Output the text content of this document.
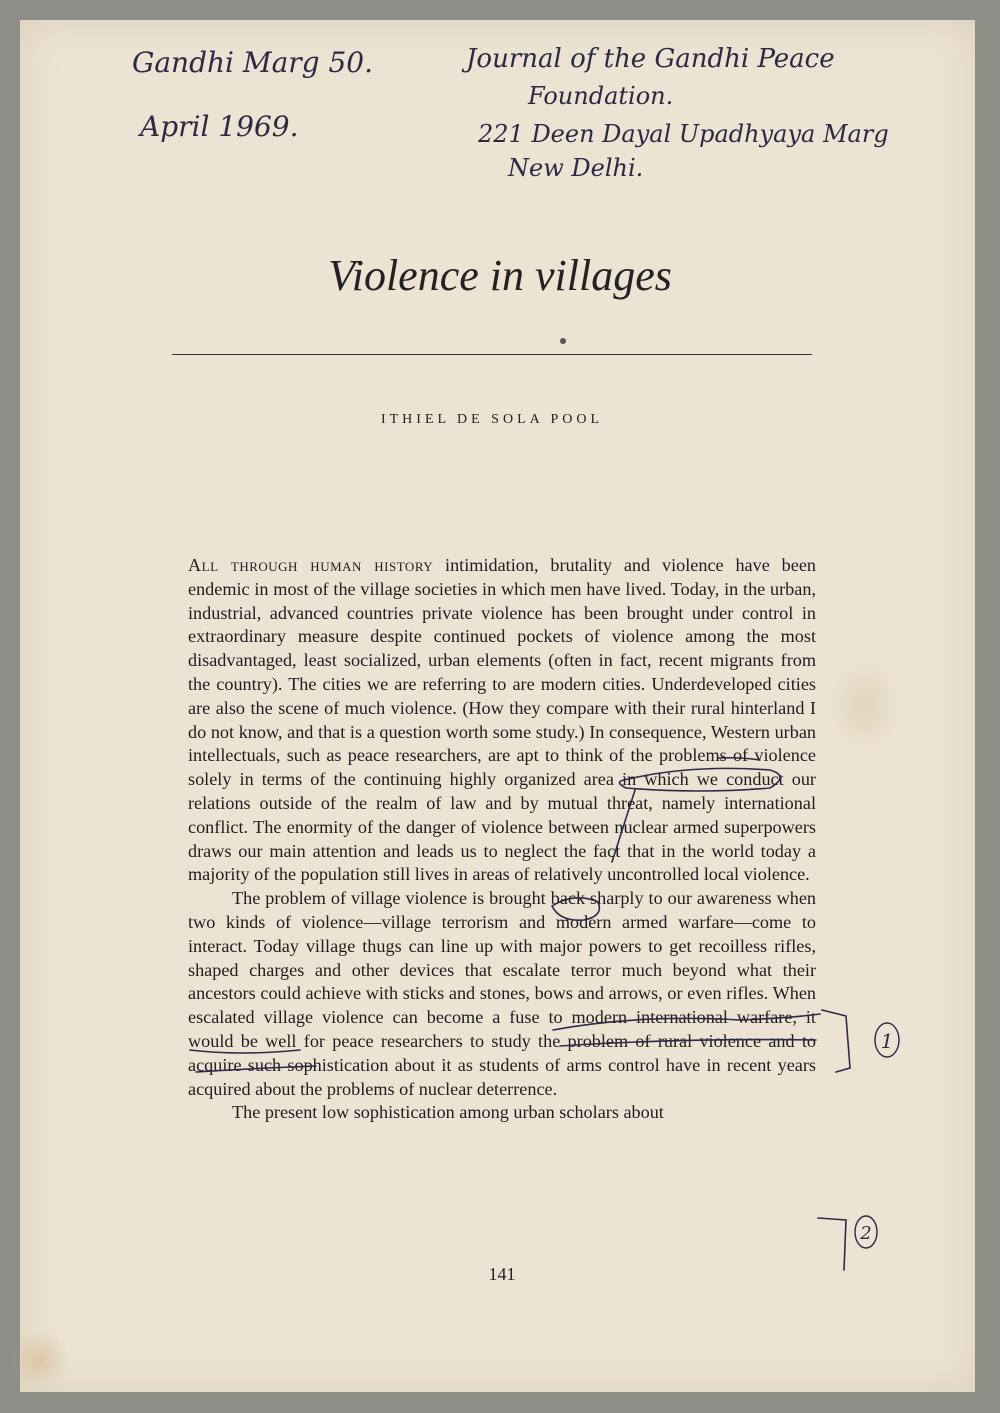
Gandhi Marg 50.	Journal of the Gandhi Peace
Foundation.
April 1969.	221 Deen Dayal Upadhyaya Marg
New Delhi.
Violence in villages
ITHIEL DE SOLA POOL

All through human history intimidation, brutality and violence have been endemic in most of the village societies in which men have lived. Today, in the urban, industrial, advanced countries private violence has been brought under control in extraordinary measure despite continued pockets of violence among the most disadvantaged, least socialized, urban elements (often in fact, recent migrants from the country). The cities we are referring to are modern cities. Underdeveloped cities are also the scene of much violence. (How they compare with their rural hinterland I do not know, and that is a question worth some study.) In consequence, Western urban intellectuals, such as peace researchers, are apt to think of the problems of violence solely in terms of the continuing highly organized area in which we conduct our relations outside of the realm of law and by mutual threat, namely international conflict. The enormity of the danger of violence between nuclear armed superpowers draws our main attention and leads us to neglect the fact that in the world today a majority of the population still lives in areas of relatively uncontrolled local violence.

The problem of village violence is brought back sharply to our awareness when two kinds of violence—village terrorism and modern armed warfare—come to interact. Today village thugs can line up with major powers to get recoilless rifles, shaped charges and other devices that escalate terror much beyond what their ancestors could achieve with sticks and stones, bows and arrows, or even rifles. When escalated village violence can become a fuse to modern international warfare, it would be well for peace researchers to study the problem of rural violence and to acquire such sophistication about it as students of arms control have in recent years acquired about the problems of nuclear deterrence.

The present low sophistication among urban scholars about

141
1
2
